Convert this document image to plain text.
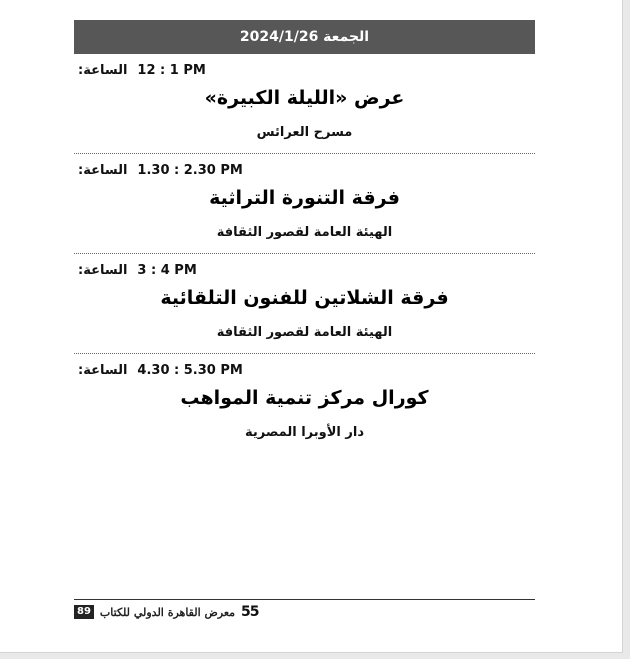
الجمعة 2024/1/26
الساعة: 12 : 1 PM
عرض «الليلة الكبيرة»
مسرح العرائس
الساعة: 1.30 : 2.30 PM
فرقة التنورة التراثية
الهيئة العامة لقصور الثقافة
الساعة: 3 : 4 PM
فرقة الشلاتين للفنون التلقائية
الهيئة العامة لقصور الثقافة
الساعة: 4.30 : 5.30 PM
كورال مركز تنمية المواهب
دار الأوبرا المصرية
89 معرض القاهرة الدولي للكتاب 55
